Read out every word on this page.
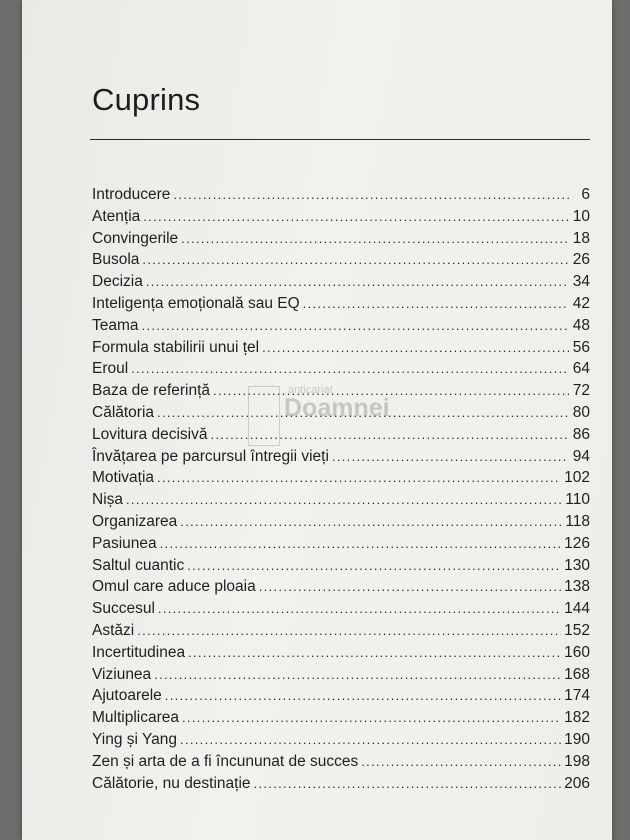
Cuprins
Introducere .....	6
Atenția .....	10
Convingerile .....	18
Busola .....	26
Decizia .....	34
Inteligența emoțională sau EQ .....	42
Teama .....	48
Formula stabilirii unui țel .....	56
Eroul .....	64
Baza de referință .....	72
Călătoria .....	80
Lovitura decisivă .....	86
Învățarea pe parcursul întregii vieți .....	94
Motivația .....	102
Nișa .....	110
Organizarea .....	118
Pasiunea .....	126
Saltul cuantic .....	130
Omul care aduce ploaia .....	138
Succesul .....	144
Astăzi .....	152
Incertitudinea .....	160
Viziunea .....	168
Ajutoarele .....	174
Multiplicarea .....	182
Ying și Yang .....	190
Zen și arta de a fi încununat de succes .....	198
Călătorie, nu destinație .....	206
anticariat
Doamnei
